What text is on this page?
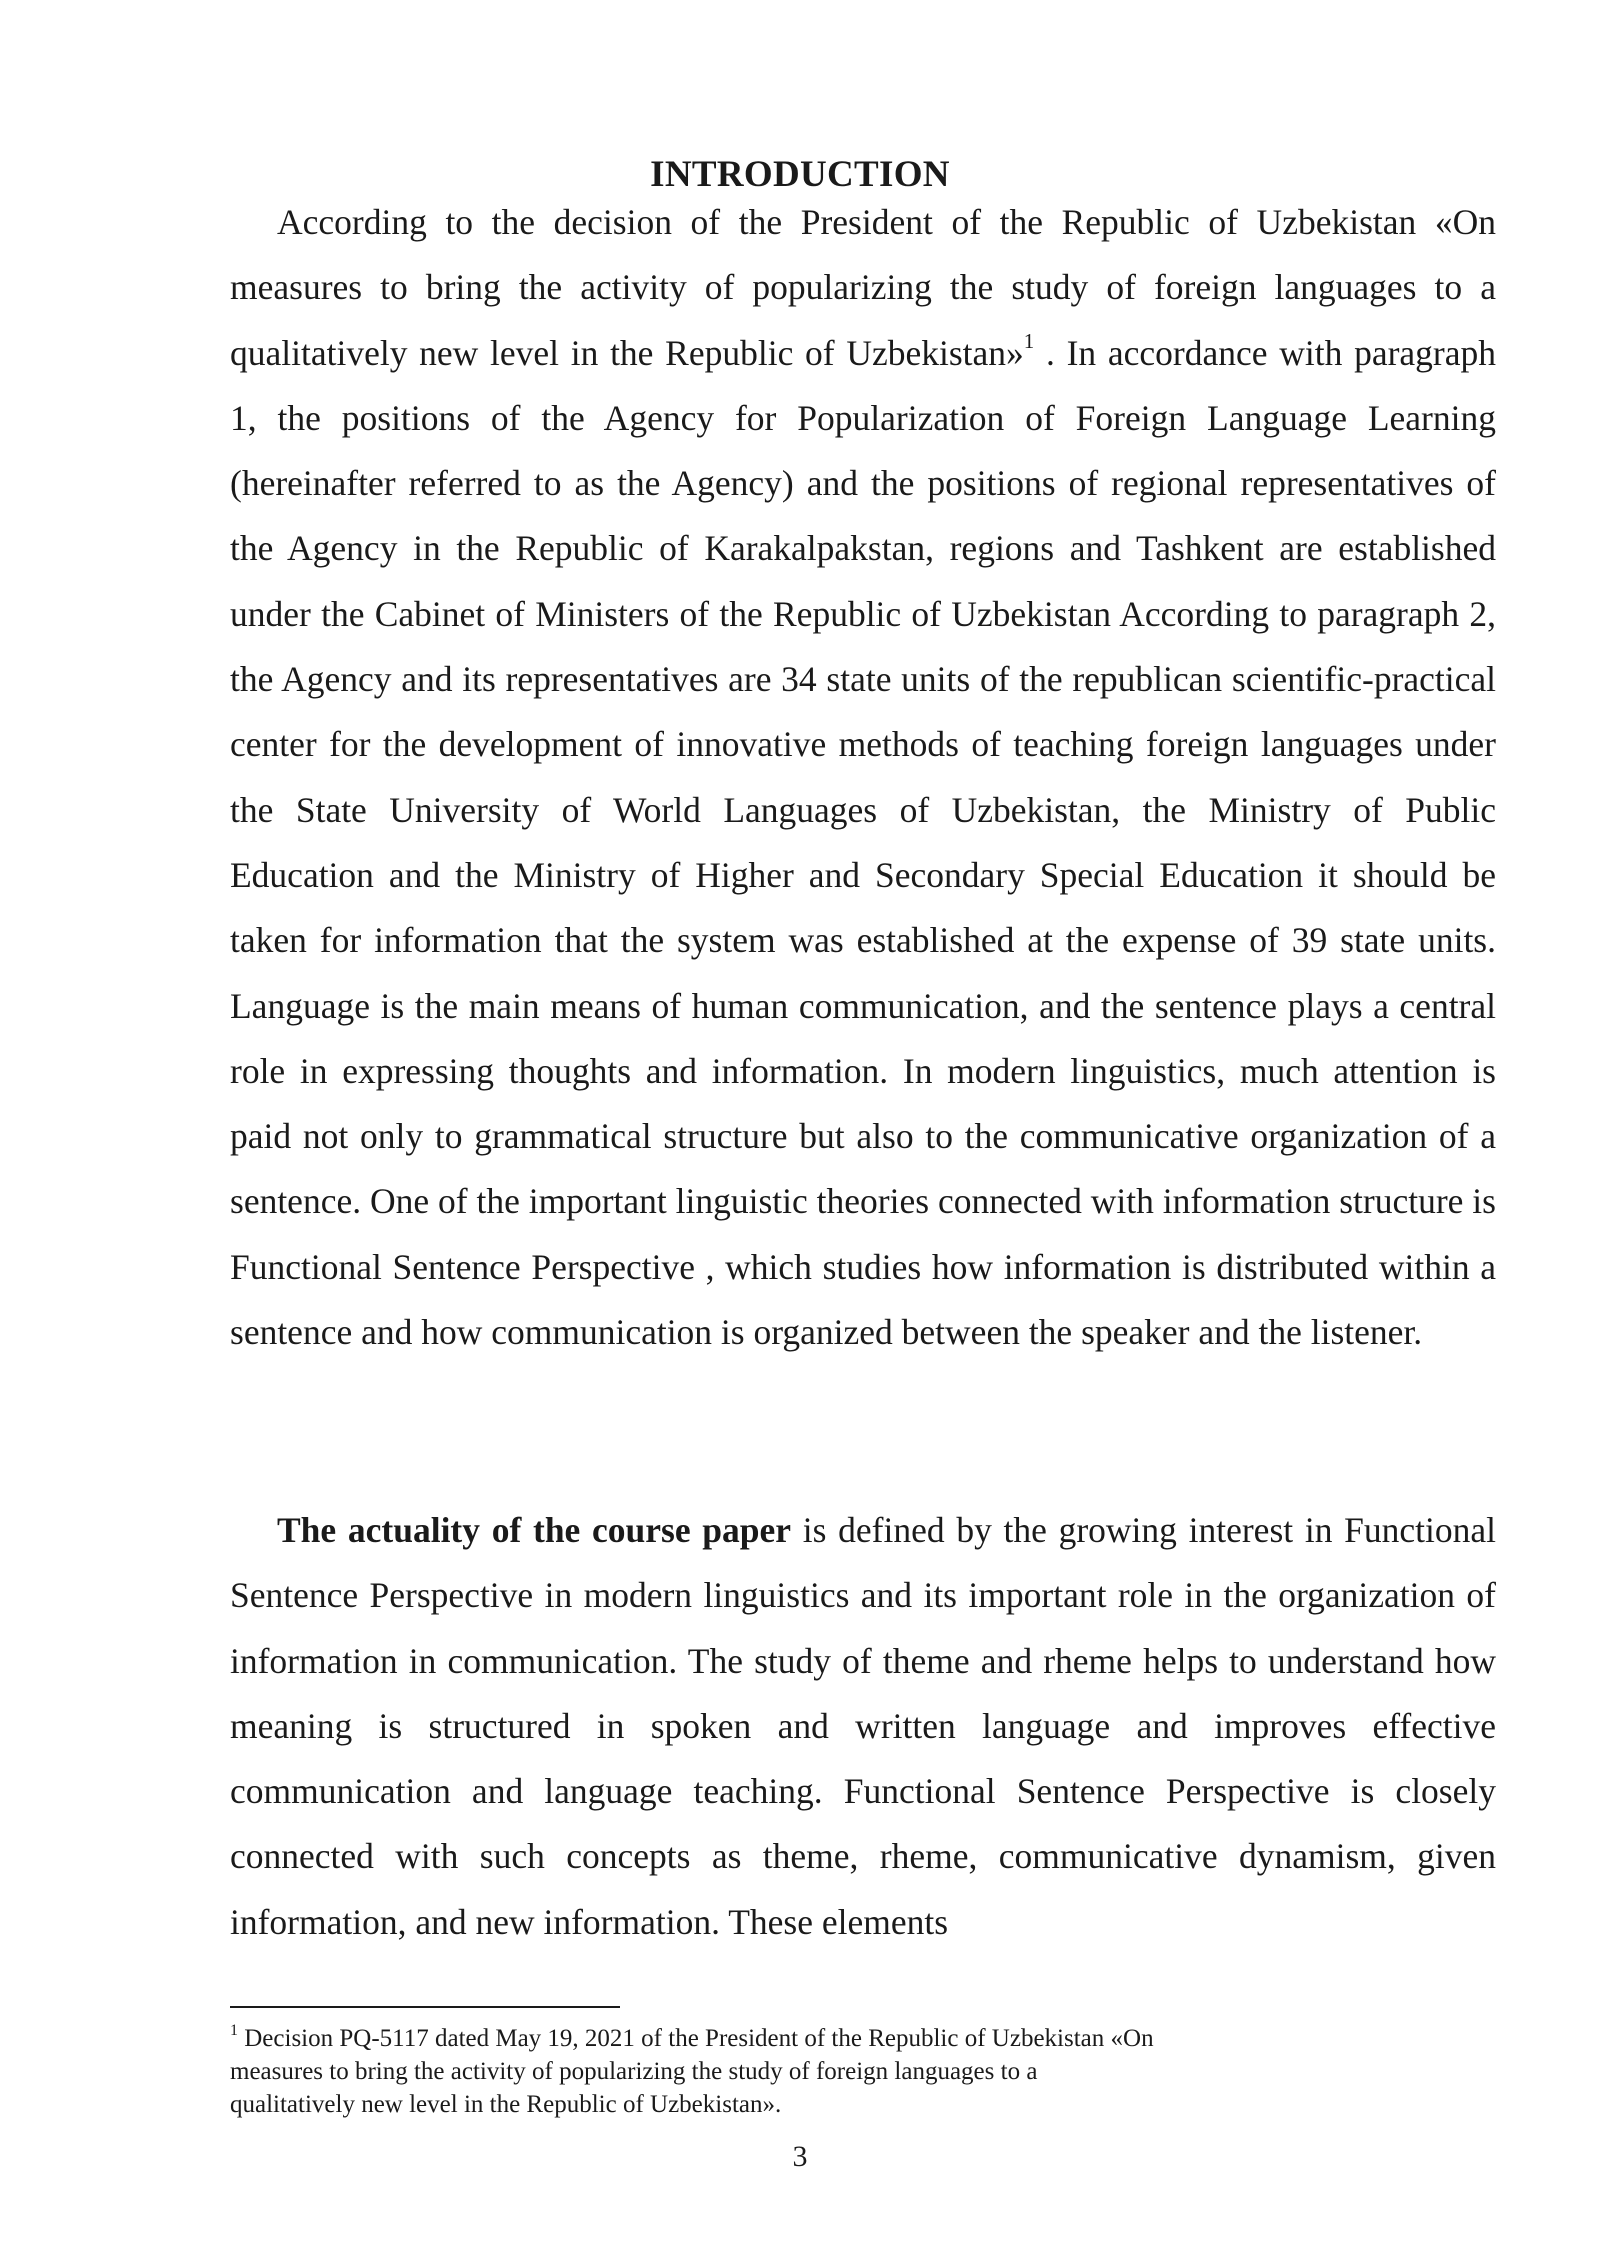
INTRODUCTION

According to the decision of the President of the Republic of Uzbekistan «On measures to bring the activity of popularizing the study of foreign languages to a qualitatively new level in the Republic of Uzbekistan»$^1$ . In accordance with paragraph 1, the positions of the Agency for Popularization of Foreign Language Learning (hereinafter referred to as the Agency) and the positions of regional representatives of the Agency in the Republic of Karakalpakstan, regions and Tashkent are established under the Cabinet of Ministers of the Republic of Uzbekistan According to paragraph 2, the Agency and its representatives are 34 state units of the republican scientific-practical center for the development of innovative methods of teaching foreign languages under the State University of World Languages of Uzbekistan, the Ministry of Public Education and the Ministry of Higher and Secondary Special Education it should be taken for information that the system was established at the expense of 39 state units. Language is the main means of human communication, and the sentence plays a central role in expressing thoughts and information. In modern linguistics, much attention is paid not only to grammatical structure but also to the communicative organization of a sentence. One of the important linguistic theories connected with information structure is Functional Sentence Perspective , which studies how information is distributed within a sentence and how communication is organized between the speaker and the listener.

The actuality of the course paper is defined by the growing interest in Functional Sentence Perspective in modern linguistics and its important role in the organization of information in communication. The study of theme and rheme helps to understand how meaning is structured in spoken and written language and improves effective communication and language teaching. Functional Sentence Perspective is closely connected with such concepts as theme, rheme, communicative dynamism, given information, and new information. These elements

$^1$ Decision PQ-5117 dated May 19, 2021 of the President of the Republic of Uzbekistan «On measures to bring the activity of popularizing the study of foreign languages to a qualitatively new level in the Republic of Uzbekistan».

3
